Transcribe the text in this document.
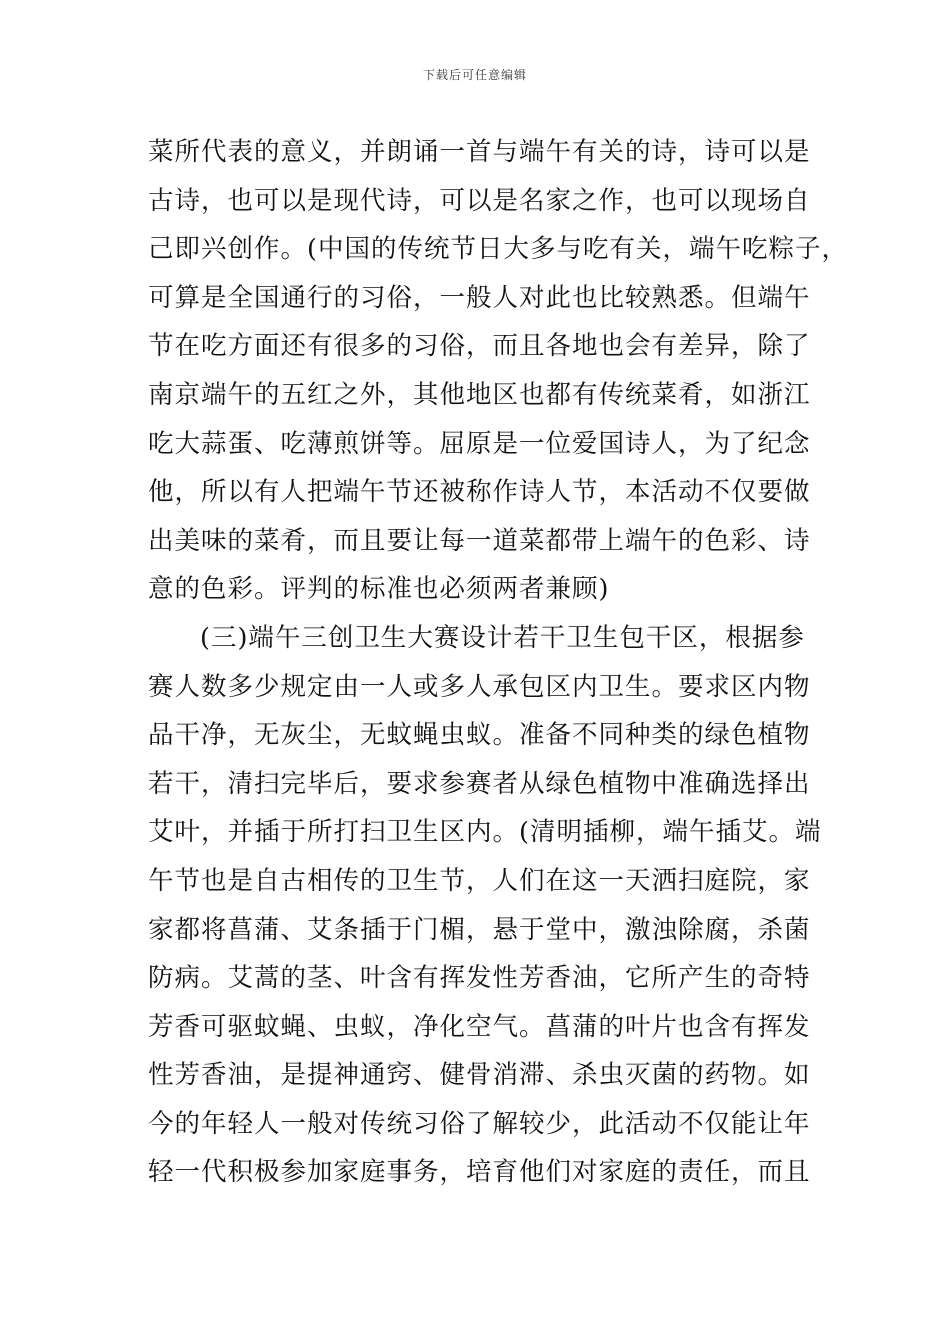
下载后可任意编辑
菜所代表的意义，并朗诵一首与端午有关的诗，诗可以是
古诗，也可以是现代诗，可以是名家之作，也可以现场自
己即兴创作。(中国的传统节日大多与吃有关，端午吃粽子，
可算是全国通行的习俗，一般人对此也比较熟悉。但端午
节在吃方面还有很多的习俗，而且各地也会有差异，除了
南京端午的五红之外，其他地区也都有传统菜肴，如浙江
吃大蒜蛋、吃薄煎饼等。屈原是一位爱国诗人，为了纪念
他，所以有人把端午节还被称作诗人节，本活动不仅要做
出美味的菜肴，而且要让每一道菜都带上端午的色彩、诗
意的色彩。评判的标准也必须两者兼顾)
(三)端午三创卫生大赛设计若干卫生包干区，根据参
赛人数多少规定由一人或多人承包区内卫生。要求区内物
品干净，无灰尘，无蚊蝇虫蚁。准备不同种类的绿色植物
若干，清扫完毕后，要求参赛者从绿色植物中准确选择出
艾叶，并插于所打扫卫生区内。(清明插柳，端午插艾。端
午节也是自古相传的卫生节，人们在这一天洒扫庭院，家
家都将菖蒲、艾条插于门楣，悬于堂中，激浊除腐，杀菌
防病。艾蒿的茎、叶含有挥发性芳香油，它所产生的奇特
芳香可驱蚊蝇、虫蚁，净化空气。菖蒲的叶片也含有挥发
性芳香油，是提神通窍、健骨消滞、杀虫灭菌的药物。如
今的年轻人一般对传统习俗了解较少，此活动不仅能让年
轻一代积极参加家庭事务，培育他们对家庭的责任，而且
